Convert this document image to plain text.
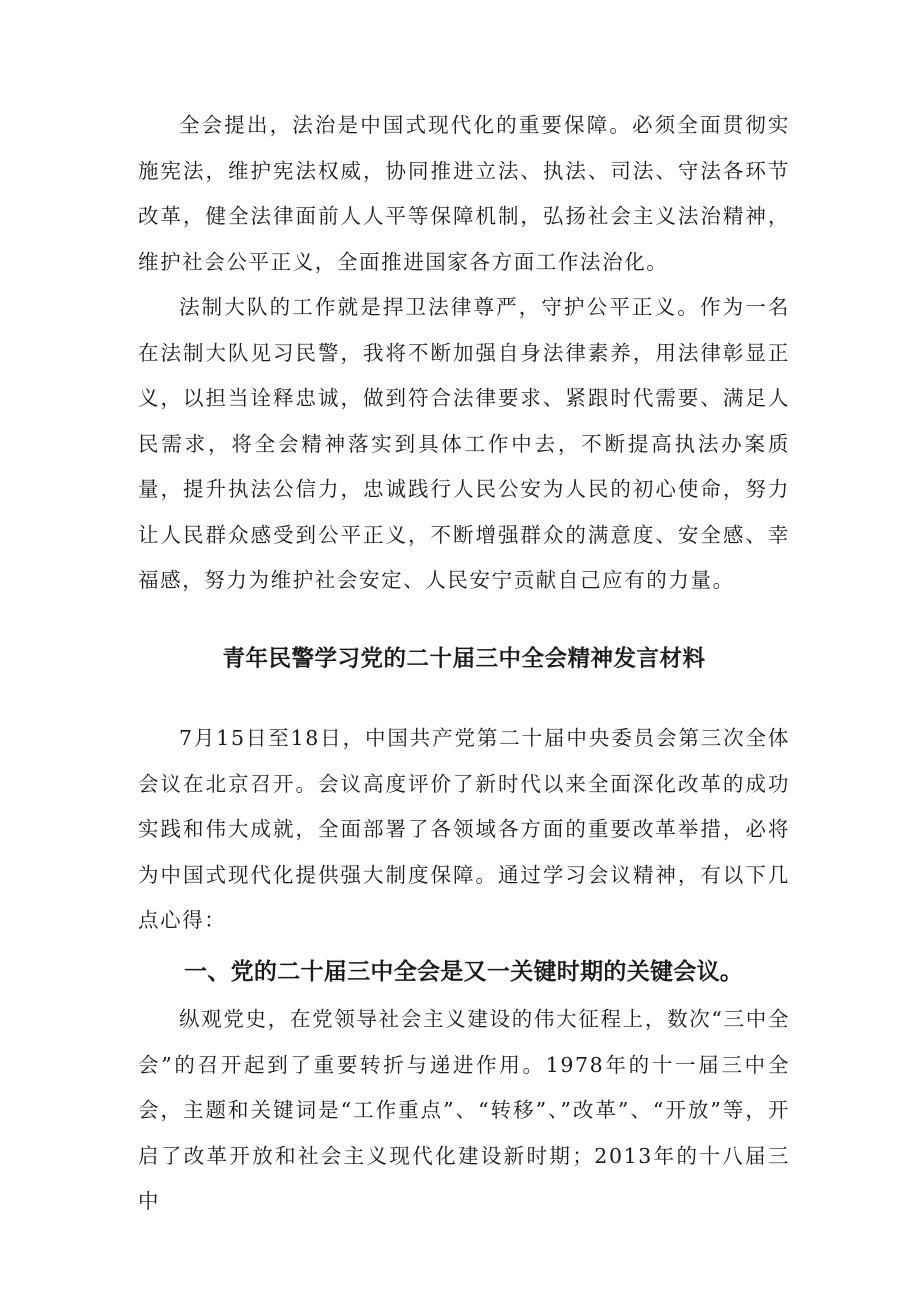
全会提出，法治是中国式现代化的重要保障。必须全面贯彻实施宪法，维护宪法权威，协同推进立法、执法、司法、守法各环节改革，健全法律面前人人平等保障机制，弘扬社会主义法治精神，维护社会公平正义，全面推进国家各方面工作法治化。

法制大队的工作就是捍卫法律尊严，守护公平正义。作为一名在法制大队见习民警，我将不断加强自身法律素养，用法律彰显正义，以担当诠释忠诚，做到符合法律要求、紧跟时代需要、满足人民需求，将全会精神落实到具体工作中去，不断提高执法办案质量，提升执法公信力，忠诚践行人民公安为人民的初心使命，努力让人民群众感受到公平正义，不断增强群众的满意度、安全感、幸福感，努力为维护社会安定、人民安宁贡献自己应有的力量。

青年民警学习党的二十届三中全会精神发言材料

7月15日至18日，中国共产党第二十届中央委员会第三次全体会议在北京召开。会议高度评价了新时代以来全面深化改革的成功实践和伟大成就，全面部署了各领域各方面的重要改革举措，必将为中国式现代化提供强大制度保障。通过学习会议精神，有以下几点心得：

一、党的二十届三中全会是又一关键时期的关键会议。

纵观党史，在党领导社会主义建设的伟大征程上，数次“三中全会”的召开起到了重要转折与递进作用。1978年的十一届三中全会，主题和关键词是“工作重点”、“转移”、”改革”、“开放”等，开启了改革开放和社会主义现代化建设新时期；2013年的十八届三中
